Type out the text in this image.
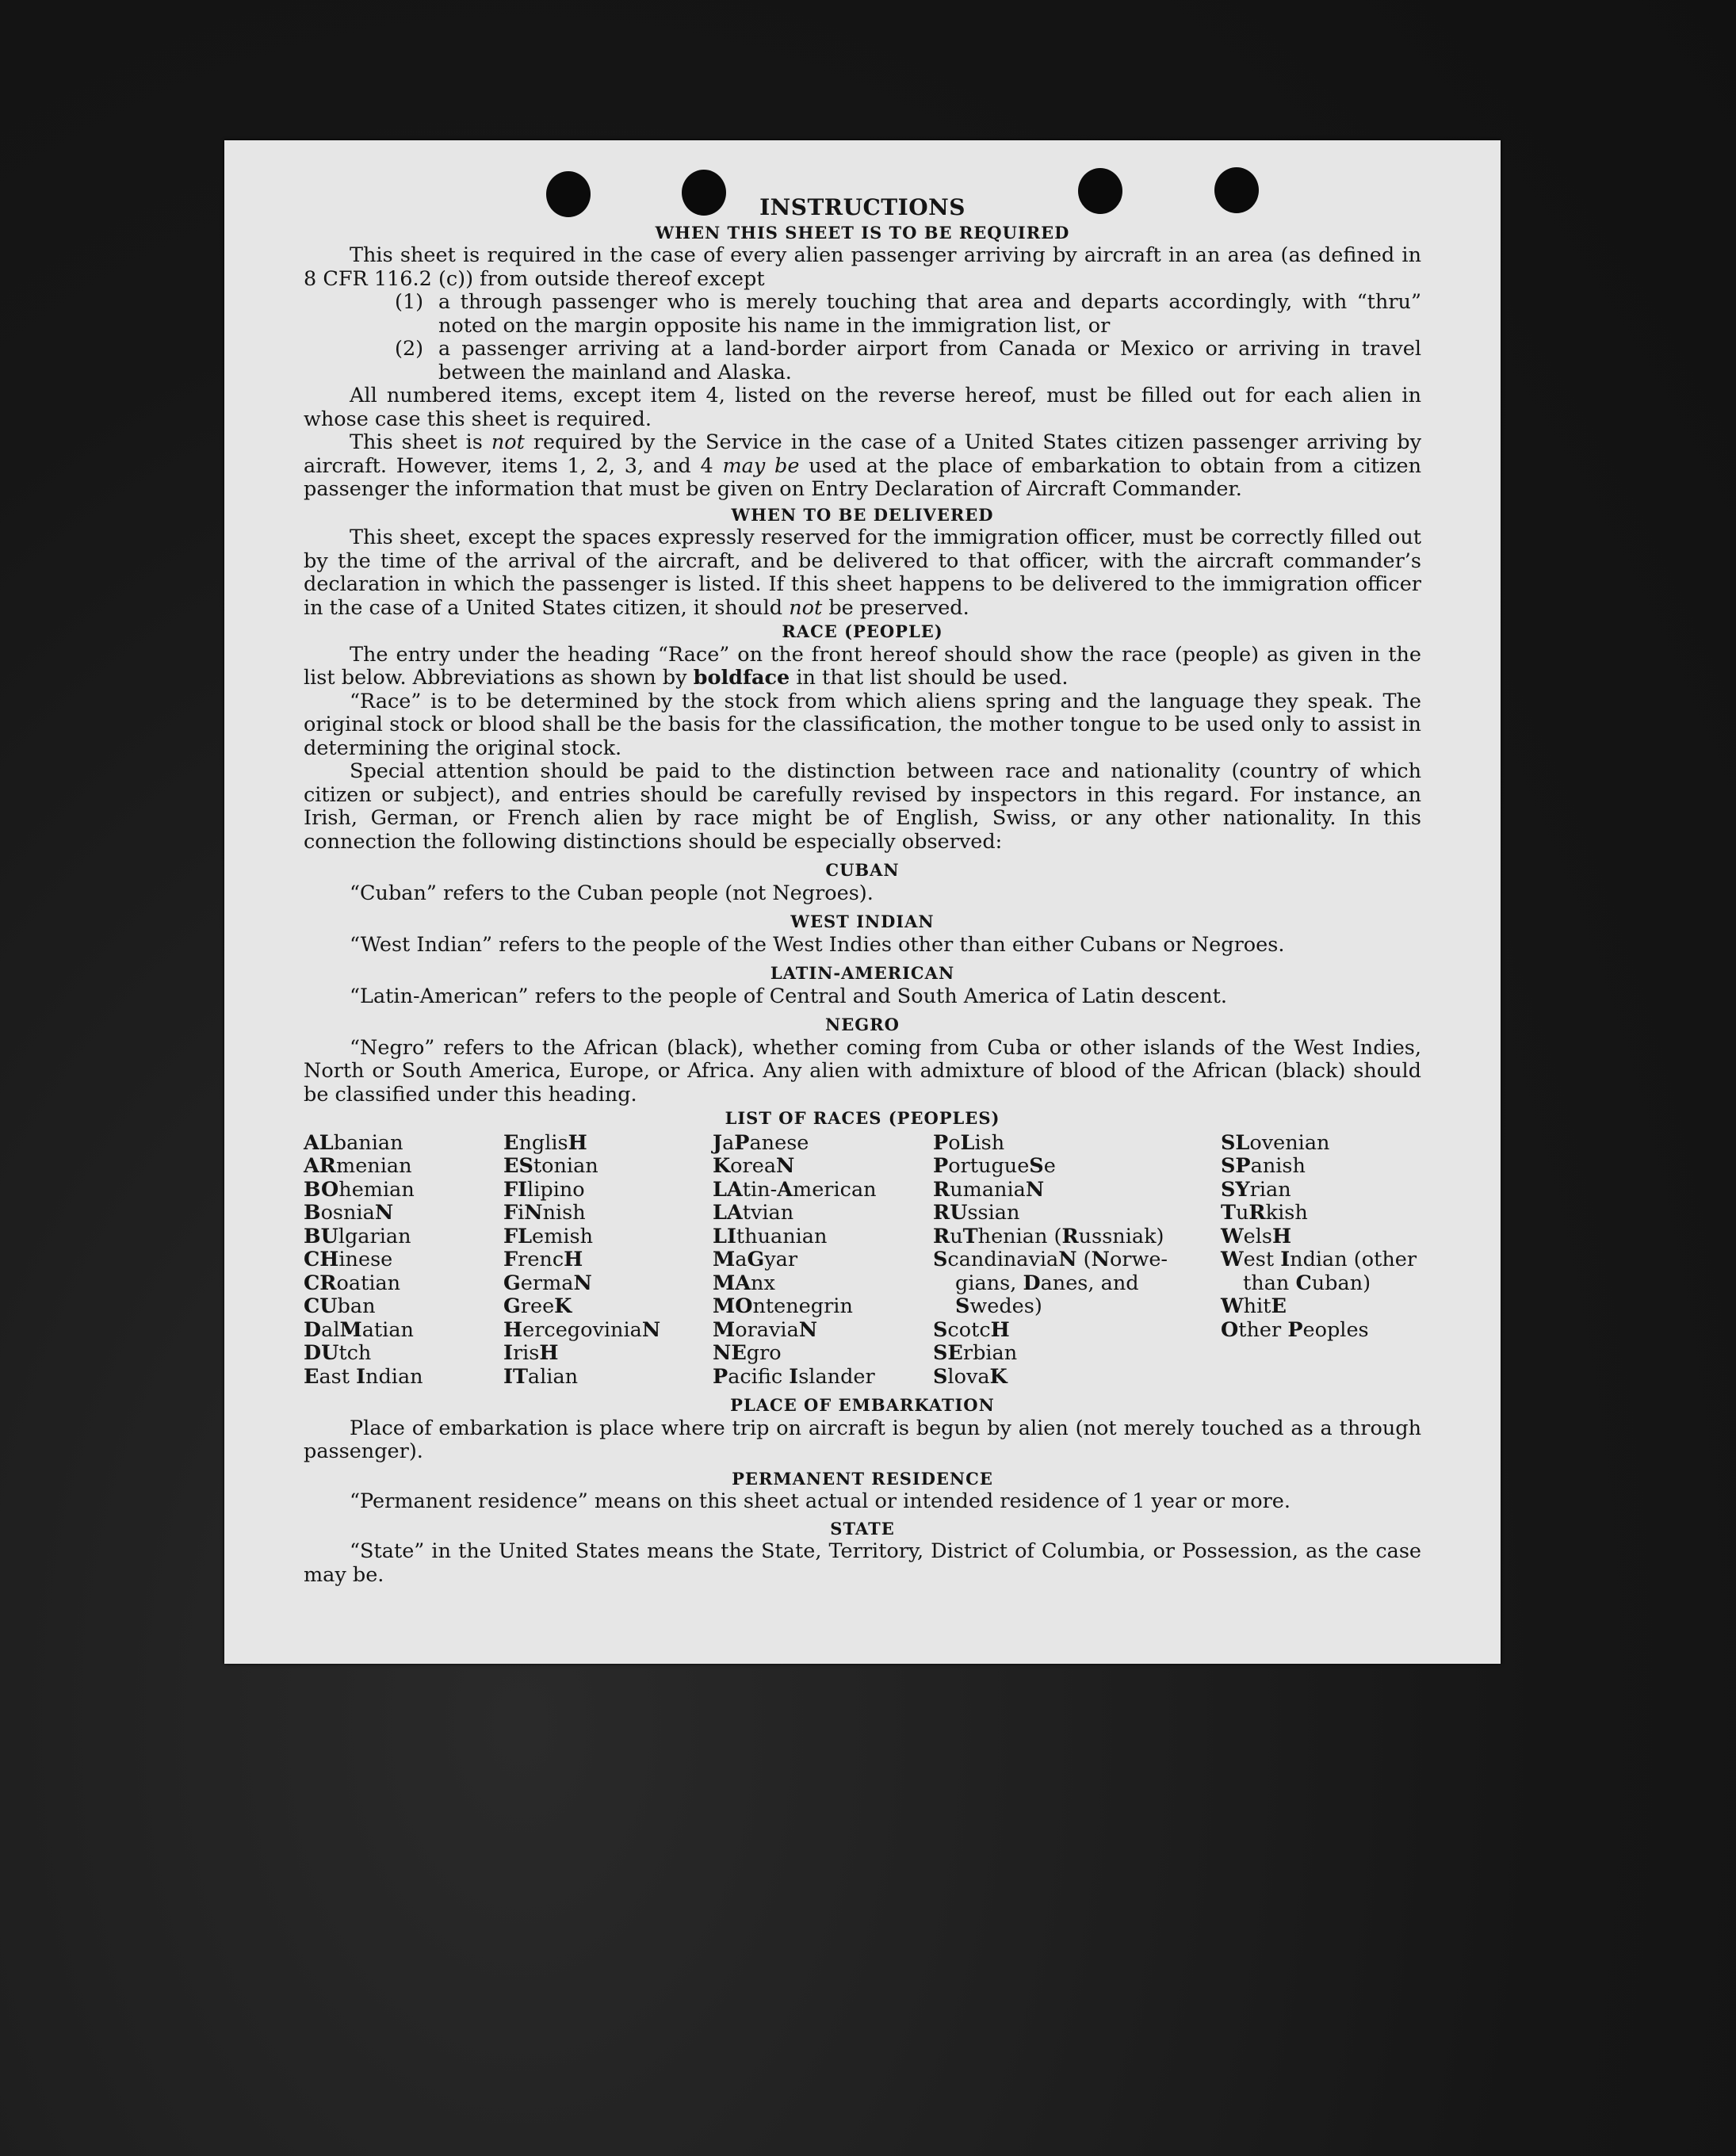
INSTRUCTIONS
WHEN THIS SHEET IS TO BE REQUIRED

This sheet is required in the case of every alien passenger arriving by aircraft in an area (as defined in 8 CFR 116.2 (c)) from outside thereof except

(1) a through passenger who is merely touching that area and departs accordingly, with “thru” noted on the margin opposite his name in the immigration list, or
(2) a passenger arriving at a land-border airport from Canada or Mexico or arriving in travel between the mainland and Alaska.

All numbered items, except item 4, listed on the reverse hereof, must be filled out for each alien in whose case this sheet is required.

This sheet is not required by the Service in the case of a United States citizen passenger arriving by aircraft. However, items 1, 2, 3, and 4 may be used at the place of embarkation to obtain from a citizen passenger the information that must be given on Entry Declaration of Aircraft Commander.

WHEN TO BE DELIVERED

This sheet, except the spaces expressly reserved for the immigration officer, must be correctly filled out by the time of the arrival of the aircraft, and be delivered to that officer, with the aircraft commander’s declaration in which the passenger is listed. If this sheet happens to be delivered to the immigration officer in the case of a United States citizen, it should not be preserved.

RACE (PEOPLE)

The entry under the heading “Race” on the front hereof should show the race (people) as given in the list below. Abbreviations as shown by boldface in that list should be used.

“Race” is to be determined by the stock from which aliens spring and the language they speak. The original stock or blood shall be the basis for the classification, the mother tongue to be used only to assist in determining the original stock.

Special attention should be paid to the distinction between race and nationality (country of which citizen or subject), and entries should be carefully revised by inspectors in this regard. For instance, an Irish, German, or French alien by race might be of English, Swiss, or any other nationality. In this connection the following distinctions should be especially observed:

CUBAN

“Cuban” refers to the Cuban people (not Negroes).

WEST INDIAN

“West Indian” refers to the people of the West Indies other than either Cubans or Negroes.

LATIN-AMERICAN

“Latin-American” refers to the people of Central and South America of Latin descent.

NEGRO

“Negro” refers to the African (black), whether coming from Cuba or other islands of the West Indies, North or South America, Europe, or Africa. Any alien with admixture of blood of the African (black) should be classified under this heading.

LIST OF RACES (PEOPLES)
ALbanian
ARmenian
BOhemian
BosniaN
BUlgarian
CHinese
CRoatian
CUban
DalMatian
DUtch
East Indian
EnglisH
EStonian
FIlipino
FiNnish
FLemish
FrencH
GermaN
GreeK
HercegoviniaN
IrisH
ITalian
JaPanese
KoreaN
LAtin-American
LAtvian
LIthuanian
MaGyar
MAnx
MOntenegrin
MoraviaN
NEgro
Pacifc Islander
PoLish
PortugueSe
RumaniaN
RUssian
RuThenian (Russniak)
ScandinaviaN (Norwe-
gians, Danes, and
Swedes)
ScotcH
SErbian
SlovaK
SLovenian
SPanish
SYrian
TuRkish
WelsH
West Indian (other
than Cuban)
WhitE
Other Peoples
PLACE OF EMBARKATION

Place of embarkation is place where trip on aircraft is begun by alien (not merely touched as a through passenger).

PERMANENT RESIDENCE

“Permanent residence” means on this sheet actual or intended residence of 1 year or more.

STATE

“State” in the United States means the State, Territory, District of Columbia, or Possession, as the case may be.
